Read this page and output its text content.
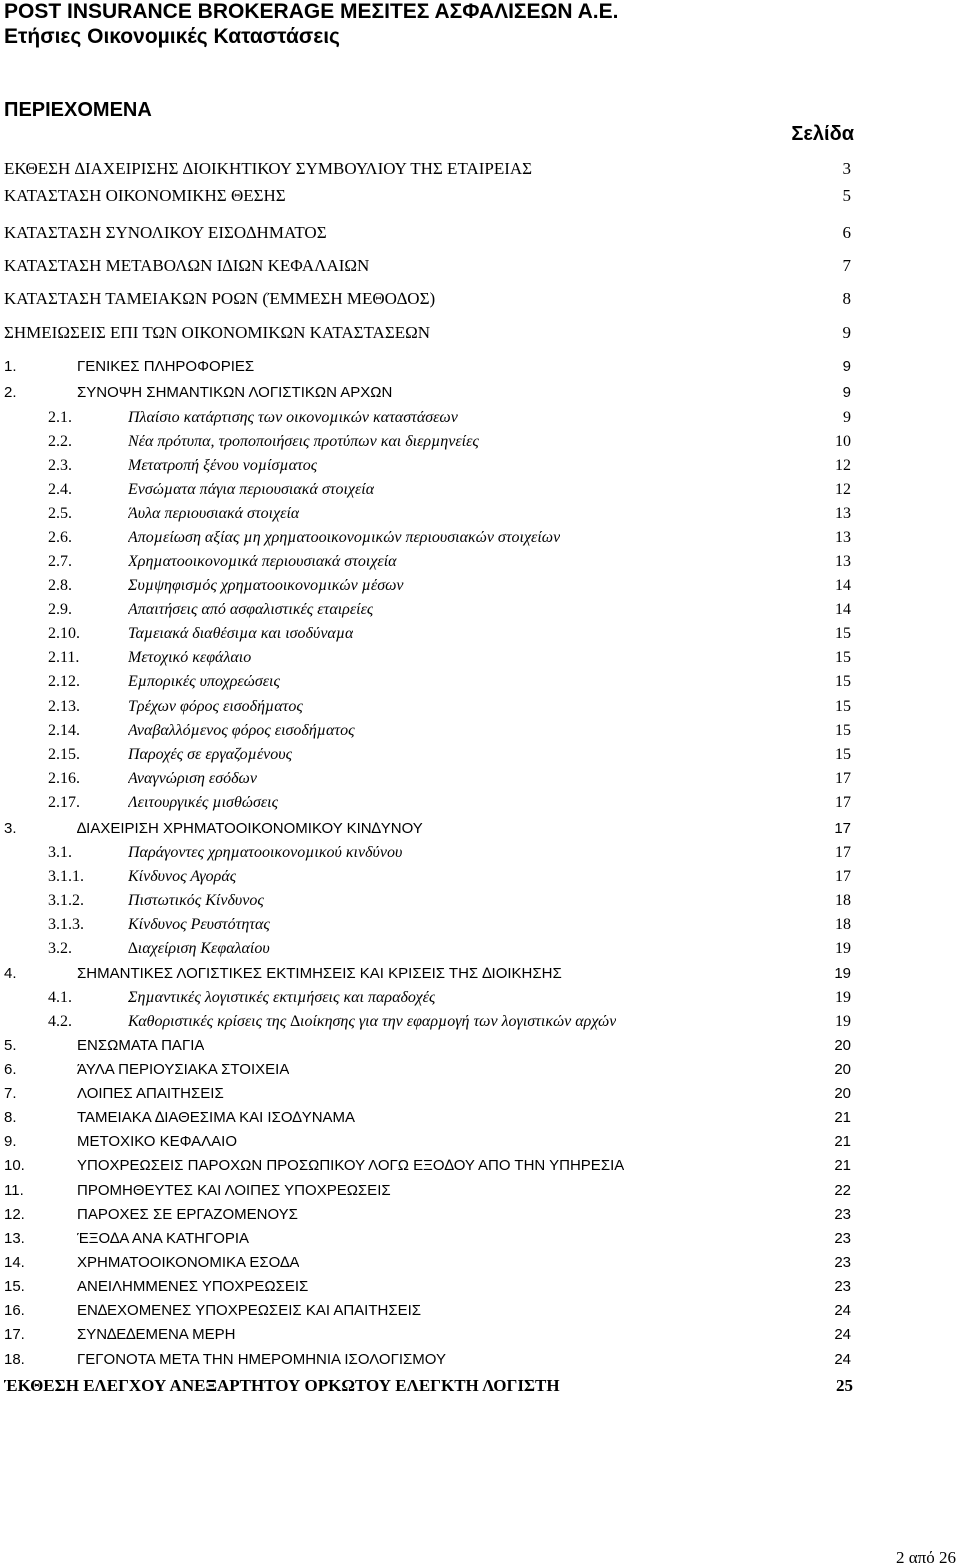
POST INSURANCE BROKERAGE ΜΕΣΙΤΕΣ ΑΣΦΑΛΙΣΕΩΝ Α.Ε.
Ετήσιες Οικονοµικές Καταστάσεις
ΠΕΡΙΕΧΟΜΕΝΑ
Σελίδα
ΕΚΘΕΣΗ ∆ΙΑΧΕΙΡΙΣΗΣ ∆ΙΟΙΚΗΤΙΚΟΥ ΣΥΜΒΟΥΛΙΟΥ ΤΗΣ ΕΤΑΙΡΕΙΑΣ	3
ΚΑΤΑΣΤΑΣΗ ΟΙΚΟΝΟΜΙΚΗΣ ΘΕΣΗΣ	5
ΚΑΤΑΣΤΑΣΗ ΣΥΝΟΛΙΚΟΥ ΕΙΣΟ∆ΗΜΑΤΟΣ	6
ΚΑΤΑΣΤΑΣΗ ΜΕΤΑΒΟΛΩΝ Ι∆ΙΩΝ ΚΕΦΑΛΑΙΩΝ	7
ΚΑΤΑΣΤΑΣΗ ΤΑΜΕΙΑΚΩΝ ΡΟΩΝ (ΈΜΜΕΣΗ ΜΕΘΟ∆ΟΣ)	8
ΣΗΜΕΙΩΣΕΙΣ ΕΠΙ ΤΩΝ ΟΙΚΟΝΟΜΙΚΩΝ ΚΑΤΑΣΤΑΣΕΩΝ	9
1.	ΓΕΝΙΚΕΣ ΠΛΗΡΟΦΟΡΙΕΣ	9
2.	ΣΥΝΟΨΗ ΣΗΜΑΝΤΙΚΩΝ ΛΟΓΙΣΤΙΚΩΝ ΑΡΧΩΝ	9
2.1.	Πλαίσιο κατάρτισης των οικονοµικών καταστάσεων	9
2.2.	Νέα πρότυπα, τροποποιήσεις προτύπων και διερµηνείες	10
2.3.	Μετατροπή ξένου νοµίσµατος	12
2.4.	Ενσώµατα πάγια περιουσιακά στοιχεία	12
2.5.	Άυλα περιουσιακά στοιχεία	13
2.6.	Αποµείωση αξίας µη χρηµατοοικονοµικών περιουσιακών στοιχείων	13
2.7.	Χρηµατοοικονοµικά περιουσιακά στοιχεία	13
2.8.	Συµψηφισµός χρηµατοοικονοµικών µέσων	14
2.9.	Απαιτήσεις από ασφαλιστικές εταιρείες	14
2.10.	Ταµειακά διαθέσιµα και ισοδύναµα	15
2.11.	Μετοχικό κεφάλαιο	15
2.12.	Εµπορικές υποχρεώσεις	15
2.13.	Τρέχων φόρος εισοδήµατος	15
2.14.	Αναβαλλόµενος φόρος εισοδήµατος	15
2.15.	Παροχές σε εργαζοµένους	15
2.16.	Αναγνώριση εσόδων	17
2.17.	Λειτουργικές µισθώσεις	17
3.	∆ΙΑΧΕΙΡΙΣΗ ΧΡΗΜΑΤΟΟΙΚΟΝΟΜΙΚΟΥ ΚΙΝ∆ΥΝΟΥ	17
3.1.	Παράγοντες χρηµατοοικονοµικού κινδύνου	17
3.1.1.	Κίνδυνος Αγοράς	17
3.1.2.	Πιστωτικός Κίνδυνος	18
3.1.3.	Κίνδυνος Ρευστότητας	18
3.2.	∆ιαχείριση Κεφαλαίου	19
4.	ΣΗΜΑΝΤΙΚΕΣ ΛΟΓΙΣΤΙΚΕΣ ΕΚΤΙΜΗΣΕΙΣ ΚΑΙ ΚΡΙΣΕΙΣ ΤΗΣ ∆ΙΟΙΚΗΣΗΣ	19
4.1.	Σηµαντικές λογιστικές εκτιµήσεις και παραδοχές	19
4.2.	Καθοριστικές κρίσεις της ∆ιοίκησης για την εφαρµογή των λογιστικών αρχών	19
5.	ΕΝΣΩΜΑΤΑ ΠΑΓΙΑ	20
6.	ΆΥΛΑ ΠΕΡΙΟΥΣΙΑΚΑ ΣΤΟΙΧΕΙΑ	20
7.	ΛΟΙΠΕΣ ΑΠΑΙΤΗΣΕΙΣ	20
8.	ΤΑΜΕΙΑΚΑ ∆ΙΑΘΕΣΙΜΑ ΚΑΙ ΙΣΟ∆ΥΝΑΜΑ	21
9.	ΜΕΤΟΧΙΚΟ ΚΕΦΑΛΑΙΟ	21
10.	ΥΠΟΧΡΕΩΣΕΙΣ ΠΑΡΟΧΩΝ ΠΡΟΣΩΠΙΚΟΥ ΛΟΓΩ ΕΞΟ∆ΟΥ ΑΠΟ ΤΗΝ ΥΠΗΡΕΣΙΑ	21
11.	ΠΡΟΜΗΘΕΥΤΕΣ ΚΑΙ ΛΟΙΠΕΣ ΥΠΟΧΡΕΩΣΕΙΣ	22
12.	ΠΑΡΟΧΕΣ ΣΕ ΕΡΓΑΖΟΜΕΝΟΥΣ	23
13.	ΈΞΟ∆Α ΑΝΑ ΚΑΤΗΓΟΡΙΑ	23
14.	ΧΡΗΜΑΤΟΟΙΚΟΝΟΜΙΚΑ ΕΣΟ∆Α	23
15.	ΑΝΕΙΛΗΜΜΕΝΕΣ ΥΠΟΧΡΕΩΣΕΙΣ	23
16.	ΕΝ∆ΕΧΟΜΕΝΕΣ ΥΠΟΧΡΕΩΣΕΙΣ ΚΑΙ ΑΠΑΙΤΗΣΕΙΣ	24
17.	ΣΥΝ∆Ε∆ΕΜΕΝΑ ΜΕΡΗ	24
18.	ΓΕΓΟΝΟΤΑ ΜΕΤΑ ΤΗΝ ΗΜΕΡΟΜΗΝΙΑ ΙΣΟΛΟΓΙΣΜΟΥ	24
ΈΚΘΕΣΗ ΕΛΕΓΧΟΥ ΑΝΕΞΑΡΤΗΤΟΥ ΟΡΚΩΤΟΥ ΕΛΕΓΚΤΗ ΛΟΓΙΣΤΗ	25
2 από 26
